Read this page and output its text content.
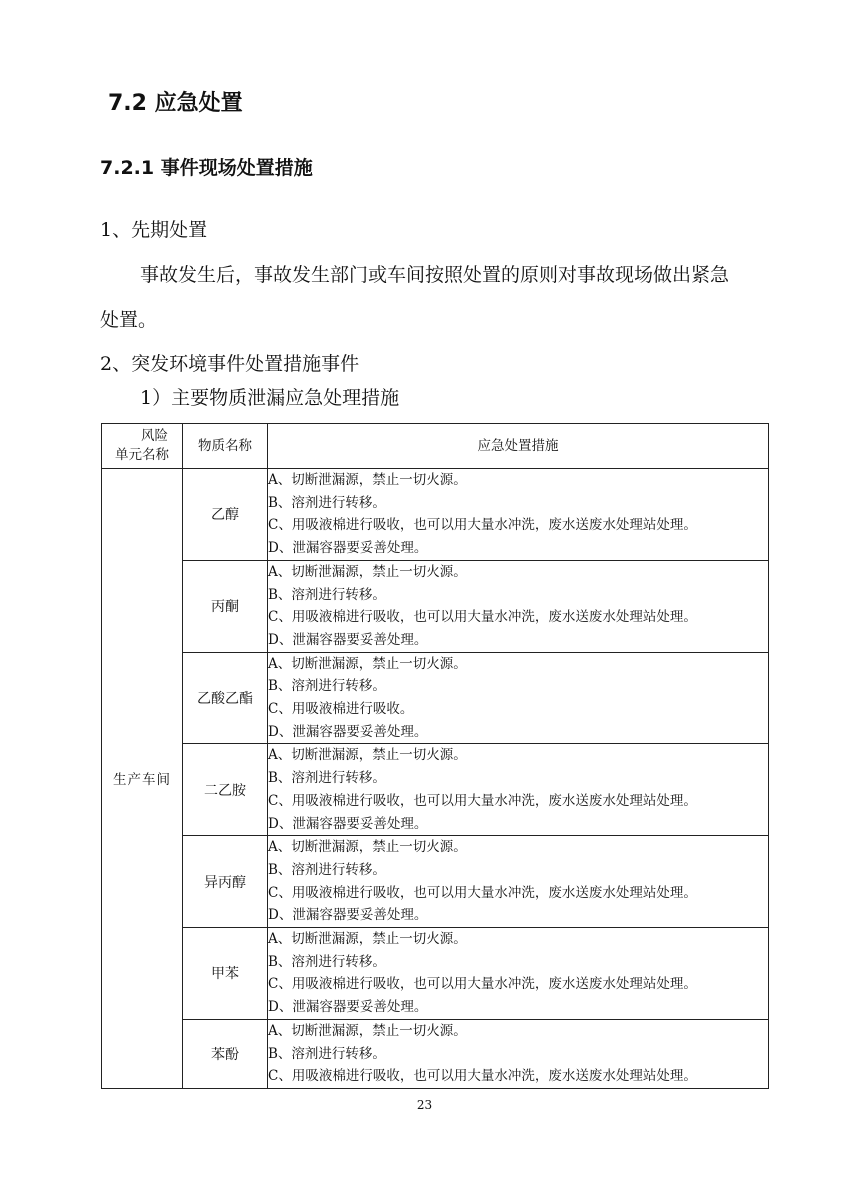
7.2 应急处置
7.2.1 事件现场处置措施

1、先期处置

事故发生后，事故发生部门或车间按照处置的原则对事故现场做出紧急

处置。

2、突发环境事件处置措施事件

1）主要物质泄漏应急处理措施

风险
单元名称	物质名称	应急处置措施
生产车间	乙醇	A、切断泄漏源，禁止一切火源。
B、溶剂进行转移。
C、用吸液棉进行吸收，也可以用大量水冲洗，废水送废水处理站处理。
D、泄漏容器要妥善处理。

	丙酮	A、切断泄漏源，禁止一切火源。
B、溶剂进行转移。
C、用吸液棉进行吸收，也可以用大量水冲洗，废水送废水处理站处理。
D、泄漏容器要妥善处理。

	乙酸乙酯	A、切断泄漏源，禁止一切火源。
B、溶剂进行转移。
C、用吸液棉进行吸收。
D、泄漏容器要妥善处理。

	二乙胺	A、切断泄漏源，禁止一切火源。
B、溶剂进行转移。
C、用吸液棉进行吸收，也可以用大量水冲洗，废水送废水处理站处理。
D、泄漏容器要妥善处理。

	异丙醇	A、切断泄漏源，禁止一切火源。
B、溶剂进行转移。
C、用吸液棉进行吸收，也可以用大量水冲洗，废水送废水处理站处理。
D、泄漏容器要妥善处理。

	甲苯	A、切断泄漏源，禁止一切火源。
B、溶剂进行转移。
C、用吸液棉进行吸收，也可以用大量水冲洗，废水送废水处理站处理。
D、泄漏容器要妥善处理。

	苯酚	A、切断泄漏源，禁止一切火源。
B、溶剂进行转移。
C、用吸液棉进行吸收，也可以用大量水冲洗，废水送废水处理站处理。
23
